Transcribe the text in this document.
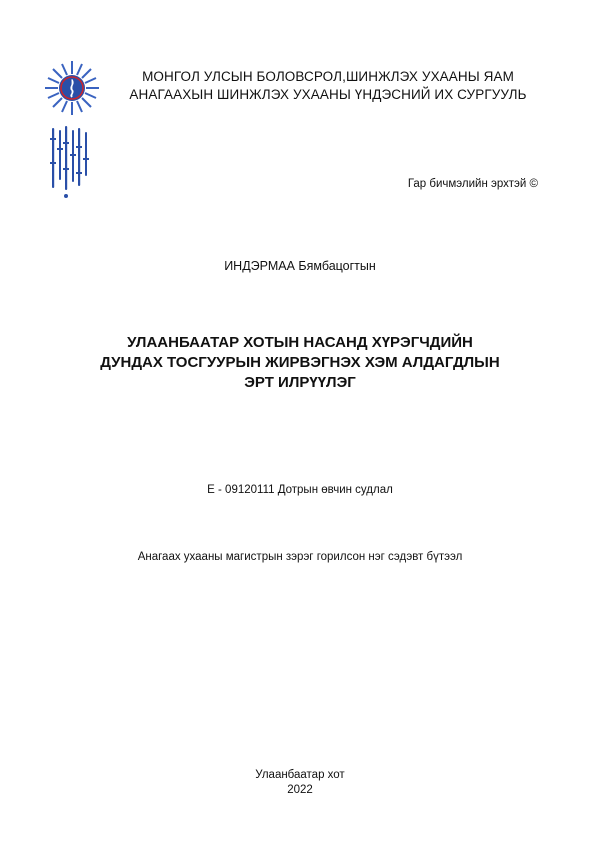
МОНГОЛ УЛСЫН БОЛОВСРОЛ,ШИНЖЛЭХ УХААНЫ ЯАМ
АНАГААХЫН ШИНЖЛЭХ УХААНЫ ҮНДЭСНИЙ ИХ СУРГУУЛЬ
Гар бичмэлийн эрхтэй ©
ИНДЭРМАА Бямбацогтын
УЛААНБААТАР ХОТЫН НАСАНД ХҮРЭГЧДИЙН
ДУНДАХ ТОСГУУРЫН ЖИРВЭГНЭХ ХЭМ АЛДАГДЛЫН
ЭРТ ИЛРҮҮЛЭГ
Е - 09120111 Дотрын өвчин судлал
Анагаах ухааны магистрын зэрэг горилсон нэг сэдэвт бүтээл
Улаанбаатар хот
2022
